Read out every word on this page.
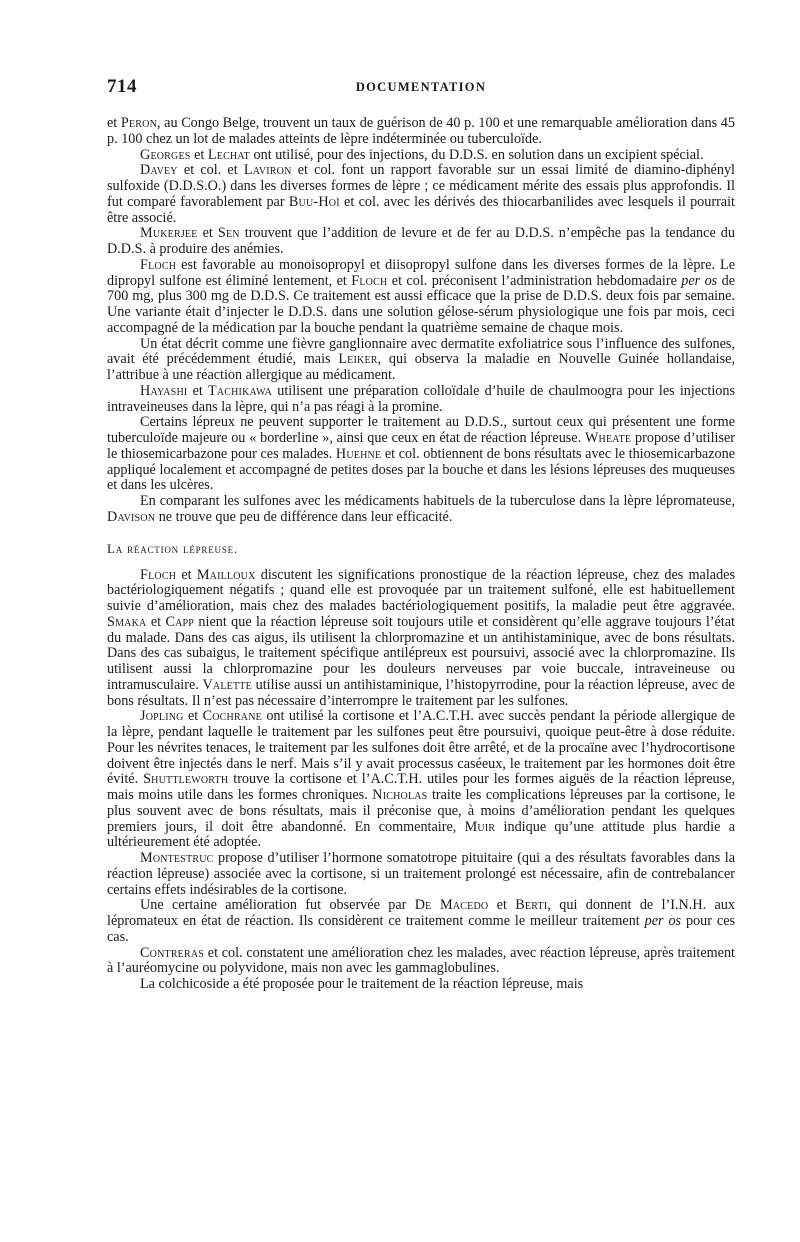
714	DOCUMENTATION

et Peron, au Congo Belge, trouvent un taux de guérison de 40 p. 100 et une remarquable amélioration dans 45 p. 100 chez un lot de malades atteints de lèpre indéterminée ou tuberculoïde.

Georges et Lechat ont utilisé, pour des injections, du D.D.S. en solution dans un excipient spécial.

Davey et col. et Laviron et col. font un rapport favorable sur un essai limité de diamino-diphényl sulfoxide (D.D.S.O.) dans les diverses formes de lèpre ; ce médicament mérite des essais plus approfondis. Il fut comparé favorablement par Buu-Hoï et col. avec les dérivés des thiocarbanilides avec lesquels il pourrait être associé.

Mukerjee et Sen trouvent que l’addition de levure et de fer au D.D.S. n’empêche pas la tendance du D.D.S. à produire des anémies.

Floch est favorable au monoisopropyl et diisopropyl sulfone dans les diverses formes de la lèpre. Le dipropyl sulfone est éliminé lentement, et Floch et col. préconisent l’administration hebdomadaire per os de 700 mg, plus 300 mg de D.D.S. Ce traitement est aussi efficace que la prise de D.D.S. deux fois par semaine. Une variante était d’injecter le D.D.S. dans une solution gélose-sérum physiologique une fois par mois, ceci accompagné de la médication par la bouche pendant la quatrième semaine de chaque mois.

Un état décrit comme une fièvre ganglionnaire avec dermatite exfoliatrice sous l’influence des sulfones, avait été précédemment étudié, mais Leiker, qui observa la maladie en Nouvelle Guinée hollandaise, l’attribue à une réaction allergique au médicament.

Hayashi et Tachikawa utilisent une préparation colloïdale d’huile de chaulmoogra pour les injections intraveineuses dans la lèpre, qui n’a pas réagi à la promine.

Certains lépreux ne peuvent supporter le traitement au D.D.S., surtout ceux qui présentent une forme tuberculoïde majeure ou « borderline », ainsi que ceux en état de réaction lépreuse. Wheate propose d’utiliser le thiosemicarbazone pour ces malades. Huehne et col. obtiennent de bons résultats avec le thiosemicarbazone appliqué localement et accompagné de petites doses par la bouche et dans les lésions lépreuses des muqueuses et dans les ulcères.

En comparant les sulfones avec les médicaments habituels de la tuberculose dans la lèpre lépromateuse, Davison ne trouve que peu de différence dans leur efficacité.

La réaction lépreuse.

Floch et Mailloux discutent les significations pronostique de la réaction lépreuse, chez des malades bactériologiquement négatifs ; quand elle est provoquée par un traitement sulfoné, elle est habituellement suivie d’amélioration, mais chez des malades bactériologiquement positifs, la maladie peut être aggravée. Smaka et Capp nient que la réaction lépreuse soit toujours utile et considèrent qu’elle aggrave toujours l’état du malade. Dans des cas aigus, ils utilisent la chlorpromazine et un antihistaminique, avec de bons résultats. Dans des cas subaigus, le traitement spécifique antilépreux est poursuivi, associé avec la chlorpromazine. Ils utilisent aussi la chlorpromazine pour les douleurs nerveuses par voie buccale, intraveineuse ou intramusculaire. Valette utilise aussi un antihistaminique, l’histopyrrodine, pour la réaction lépreuse, avec de bons résultats. Il n’est pas nécessaire d’interrompre le traitement par les sulfones.

Jopling et Cochrane ont utilisé la cortisone et l’A.C.T.H. avec succès pendant la période allergique de la lèpre, pendant laquelle le traitement par les sulfones peut être poursuivi, quoique peut-être à dose réduite. Pour les névrites tenaces, le traitement par les sulfones doit être arrêté, et de la procaïne avec l’hydrocortisone doivent être injectés dans le nerf. Mais s’il y avait processus caséeux, le traitement par les hormones doit être évité. Shuttleworth trouve la cortisone et l’A.C.T.H. utiles pour les formes aiguës de la réaction lépreuse, mais moins utile dans les formes chroniques. Nicholas traite les complications lépreuses par la cortisone, le plus souvent avec de bons résultats, mais il préconise que, à moins d’amélioration pendant les quelques premiers jours, il doit être abandonné. En commentaire, Muir indique qu’une attitude plus hardie a ultérieurement été adoptée.

Montestruc propose d’utiliser l’hormone somatotrope pituitaire (qui a des résultats favorables dans la réaction lépreuse) associée avec la cortisone, si un traitement prolongé est nécessaire, afin de contrebalancer certains effets indésirables de la cortisone.

Une certaine amélioration fut observée par De Macedo et Berti, qui donnent de l’I.N.H. aux lépromateux en état de réaction. Ils considèrent ce traitement comme le meilleur traitement per os pour ces cas.

Contreras et col. constatent une amélioration chez les malades, avec réaction lépreuse, après traitement à l’auréomycine ou polyvidone, mais non avec les gammaglobulines.

La colchicoside a été proposée pour le traitement de la réaction lépreuse, mais
